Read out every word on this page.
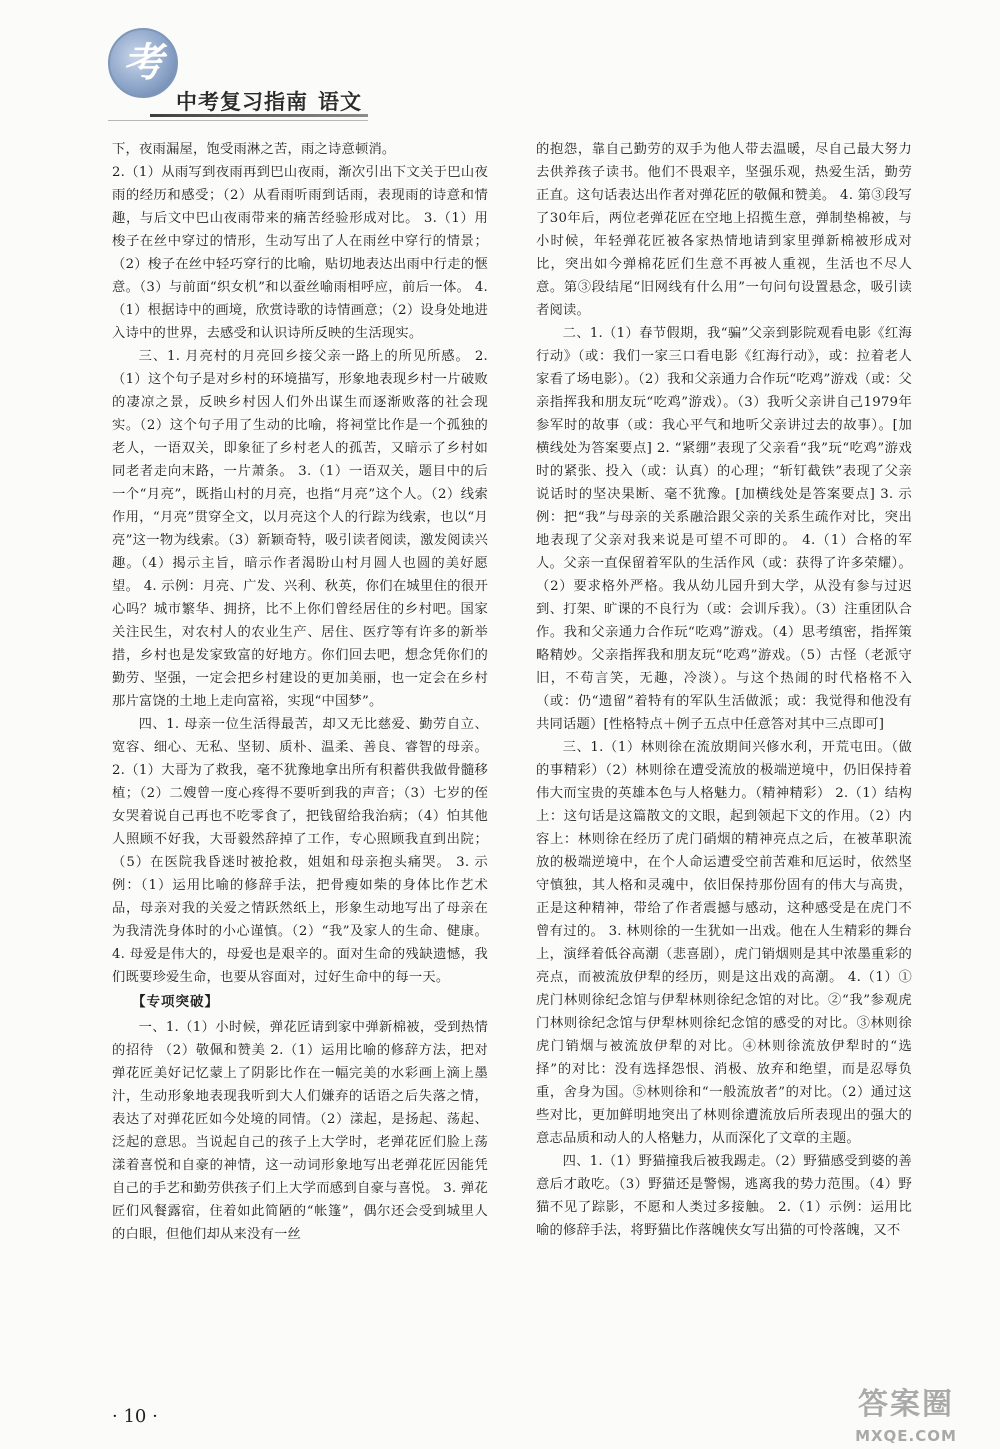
考
中考复习指南 语文

下，夜雨漏屋，饱受雨淋之苦，雨之诗意顿消。

2.（1）从雨写到夜雨再到巴山夜雨，渐次引出下文关于巴山夜雨的经历和感受；（2）从看雨听雨到话雨，表现雨的诗意和情趣，与后文中巴山夜雨带来的痛苦经验形成对比。 3.（1）用梭子在丝中穿过的情形，生动写出了人在雨丝中穿行的情景；（2）梭子在丝中轻巧穿行的比喻，贴切地表达出雨中行走的惬意。（3）与前面“织女机”和以蚕丝喻雨相呼应，前后一体。 4.（1）根据诗中的画境，欣赏诗歌的诗情画意；（2）设身处地进入诗中的世界，去感受和认识诗所反映的生活现实。

三、1. 月亮村的月亮回乡接父亲一路上的所见所感。 2.（1）这个句子是对乡村的环境描写，形象地表现乡村一片破败的凄凉之景，反映乡村因人们外出谋生而逐渐败落的社会现实。（2）这个句子用了生动的比喻，将祠堂比作是一个孤独的老人，一语双关，即象征了乡村老人的孤苦，又暗示了乡村如同老者走向末路，一片萧条。 3.（1）一语双关，题目中的后一个“月亮”，既指山村的月亮，也指“月亮”这个人。（2）线索作用，“月亮”贯穿全文，以月亮这个人的行踪为线索，也以“月亮”这一物为线索。（3）新颖奇特，吸引读者阅读，激发阅读兴趣。（4）揭示主旨，暗示作者渴盼山村月圆人也圆的美好愿望。 4. 示例：月亮、广发、兴利、秋英，你们在城里住的很开心吗？城市繁华、拥挤，比不上你们曾经居住的乡村吧。国家关注民生，对农村人的农业生产、居住、医疗等有许多的新举措，乡村也是发家致富的好地方。你们回去吧，想念凭你们的勤劳、坚强，一定会把乡村建设的更加美丽，也一定会在乡村那片富饶的土地上走向富裕，实现“中国梦”。

四、1. 母亲一位生活得最苦，却又无比慈爱、勤劳自立、宽容、细心、无私、坚韧、质朴、温柔、善良、睿智的母亲。 2.（1）大哥为了救我，毫不犹豫地拿出所有积蓄供我做骨髓移植；（2）二嫂曾一度心疼得不要听到我的声音；（3）七岁的侄女哭着说自己再也不吃零食了，把钱留给我治病；（4）怕其他人照顾不好我，大哥毅然辞掉了工作，专心照顾我直到出院；（5）在医院我昏迷时被抢救，姐姐和母亲抱头痛哭。 3. 示例：（1）运用比喻的修辞手法，把骨瘦如柴的身体比作艺术品，母亲对我的关爱之情跃然纸上，形象生动地写出了母亲在为我清洗身体时的小心谨慎。（2）“我”及家人的生命、健康。 4. 母爱是伟大的，母爱也是艰辛的。面对生命的残缺遗憾，我们既要珍爱生命，也要从容面对，过好生命中的每一天。

【专项突破】

一、1.（1）小时候，弹花匠请到家中弹新棉被，受到热情的招待 （2）敬佩和赞美 2.（1）运用比喻的修辞方法，把对弹花匠美好记忆蒙上了阴影比作在一幅完美的水彩画上滴上墨汁，生动形象地表现我听到大人们嫌弃的话语之后失落之情，表达了对弹花匠如今处境的同情。（2）漾起，是扬起、荡起、泛起的意思。当说起自己的孩子上大学时，老弹花匠们脸上荡漾着喜悦和自豪的神情，这一动词形象地写出老弹花匠因能凭自己的手艺和勤劳供孩子们上大学而感到自豪与喜悦。 3. 弹花匠们风餐露宿，住着如此简陋的“帐篷”，偶尔还会受到城里人的白眼，但他们却从来没有一丝

的抱怨，靠自己勤劳的双手为他人带去温暖，尽自己最大努力去供养孩子读书。他们不畏艰辛，坚强乐观，热爱生活，勤劳正直。这句话表达出作者对弹花匠的敬佩和赞美。 4. 第③段写了30年后，两位老弹花匠在空地上招揽生意，弹制垫棉被，与小时候，年轻弹花匠被各家热情地请到家里弹新棉被形成对比，突出如今弹棉花匠们生意不再被人重视，生活也不尽人意。第③段结尾“旧网线有什么用”一句问句设置悬念，吸引读者阅读。

二、1.（1）春节假期，我“骗”父亲到影院观看电影《红海行动》（或：我们一家三口看电影《红海行动》，或：拉着老人家看了场电影）。（2）我和父亲通力合作玩“吃鸡”游戏（或：父亲指挥我和朋友玩“吃鸡”游戏）。（3）我听父亲讲自己1979年参军时的故事（或：我心平气和地听父亲讲过去的故事）。[加横线处为答案要点] 2. “紧绷”表现了父亲看“我”玩“吃鸡”游戏时的紧张、投入（或：认真）的心理；“斩钉截铁”表现了父亲说话时的坚决果断、毫不犹豫。[加横线处是答案要点] 3. 示例：把“我”与母亲的关系融洽跟父亲的关系生疏作对比，突出地表现了父亲对我来说是可望不可即的。 4.（1）合格的军人。父亲一直保留着军队的生活作风（或：获得了许多荣耀）。（2）要求格外严格。我从幼儿园升到大学，从没有参与过迟到、打架、旷课的不良行为（或：会训斥我）。（3）注重团队合作。我和父亲通力合作玩“吃鸡”游戏。（4）思考缜密，指挥策略精妙。父亲指挥我和朋友玩“吃鸡”游戏。（5）古怪（老派守旧，不苟言笑，无趣，冷淡）。与这个热闹的时代格格不入（或：仍“遗留”着特有的军队生活做派；或：我觉得和他没有共同话题）[性格特点＋例子五点中任意答对其中三点即可]

三、1.（1）林则徐在流放期间兴修水利，开荒屯田。（做的事精彩）（2）林则徐在遭受流放的极端逆境中，仍旧保持着伟大而宝贵的英雄本色与人格魅力。（精神精彩） 2.（1）结构上：这句话是这篇散文的文眼，起到领起下文的作用。（2）内容上：林则徐在经历了虎门硝烟的精神亮点之后，在被革职流放的极端逆境中，在个人命运遭受空前苦难和厄运时，依然坚守慎独，其人格和灵魂中，依旧保持那份固有的伟大与高贵，正是这种精神，带给了作者震撼与感动，这种感受是在虎门不曾有过的。 3. 林则徐的一生犹如一出戏。他在人生精彩的舞台上，演绎着低谷高潮（悲喜剧），虎门销烟则是其中浓墨重彩的亮点，而被流放伊犁的经历，则是这出戏的高潮。 4.（1）①虎门林则徐纪念馆与伊犁林则徐纪念馆的对比。②“我”参观虎门林则徐纪念馆与伊犁林则徐纪念馆的感受的对比。③林则徐虎门销烟与被流放伊犁的对比。④林则徐流放伊犁时的“选择”的对比：没有选择怨恨、消极、放弃和绝望，而是忍辱负重，舍身为国。⑤林则徐和“一般流放者”的对比。（2）通过这些对比，更加鲜明地突出了林则徐遭流放后所表现出的强大的意志品质和动人的人格魅力，从而深化了文章的主题。

四、1.（1）野猫撞我后被我踢走。（2）野猫感受到婆的善意后才敢吃。（3）野猫还是警惕，逃离我的势力范围。（4）野猫不见了踪影，不愿和人类过多接触。 2.（1）示例：运用比喻的修辞手法，将野猫比作落魄侠女写出猫的可怜落魄，又不

· 10 ·	答案圈
MXQE.COM
